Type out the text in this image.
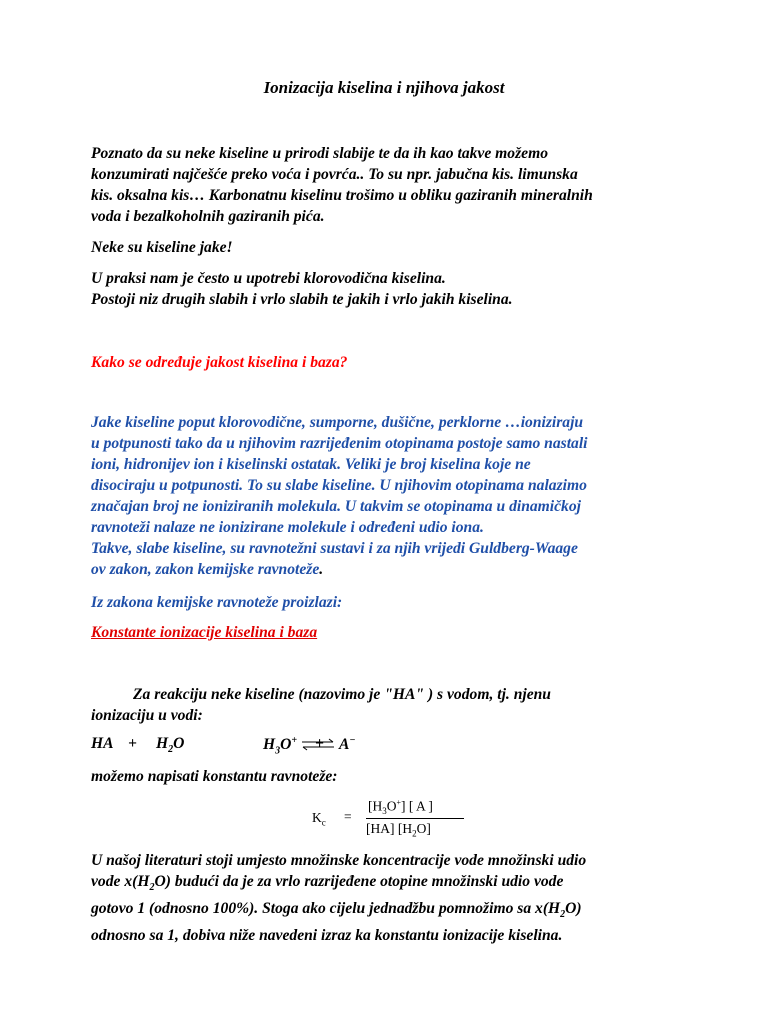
Ionizacija kiselina i njihova jakost
Poznato da su neke kiseline u prirodi slabije te da ih kao takve možemo
konzumirati najčešće preko voća i povrća.. To su npr. jabučna kis. limunska
kis. oksalna kis… Karbonatnu kiselinu trošimo u obliku gaziranih mineralnih
voda i bezalkoholnih gaziranih pića.
Neke su kiseline jake!
U praksi nam je često u upotrebi klorovodična kiselina.
Postoji niz drugih slabih i vrlo slabih te jakih i vrlo jakih kiselina.
Kako se određuje jakost kiselina i baza?
Jake kiseline poput klorovodične, sumporne, dušične, perklorne …ioniziraju
u potpunosti tako da u njihovim razrijeđenim otopinama postoje samo nastali
ioni, hidronijev ion i kiselinski ostatak. Veliki je broj kiselina koje ne
disociraju u potpunosti. To su slabe kiseline. U njihovim otopinama nalazimo
značajan broj ne ioniziranih molekula. U takvim se otopinama u dinamičkoj
ravnoteži nalaze ne ionizirane molekule i određeni udio iona.
Takve, slabe kiseline, su ravnotežni sustavi i za njih vrijedi Guldberg-Waage
ov zakon, zakon kemijske ravnoteže.
Iz zakona kemijske ravnoteže proizlazi:
Konstante ionizacije kiselina i baza
Za reakciju neke kiseline (nazovimo je "HA" ) s vodom, tj. njenu
ionizaciju u vodi:
HA + $H_2O$	$H_3O^+ + A^-$
možemo napisati konstantu ravnoteže:
$K_c$ =
$[H_3O^+]$ [ A ]
[HA] $[H_2O]$
U našoj literaturi stoji umjesto množinske koncentracije vode množinski udio
vode $x(H_2O)$ budući da je za vrlo razrijeđene otopine množinski udio vode
gotovo 1 (odnosno 100%). Stoga ako cijelu jednadžbu pomnožimo sa $x(H_2O)$
odnosno sa 1, dobiva niže navedeni izraz ka konstantu ionizacije kiselina.
